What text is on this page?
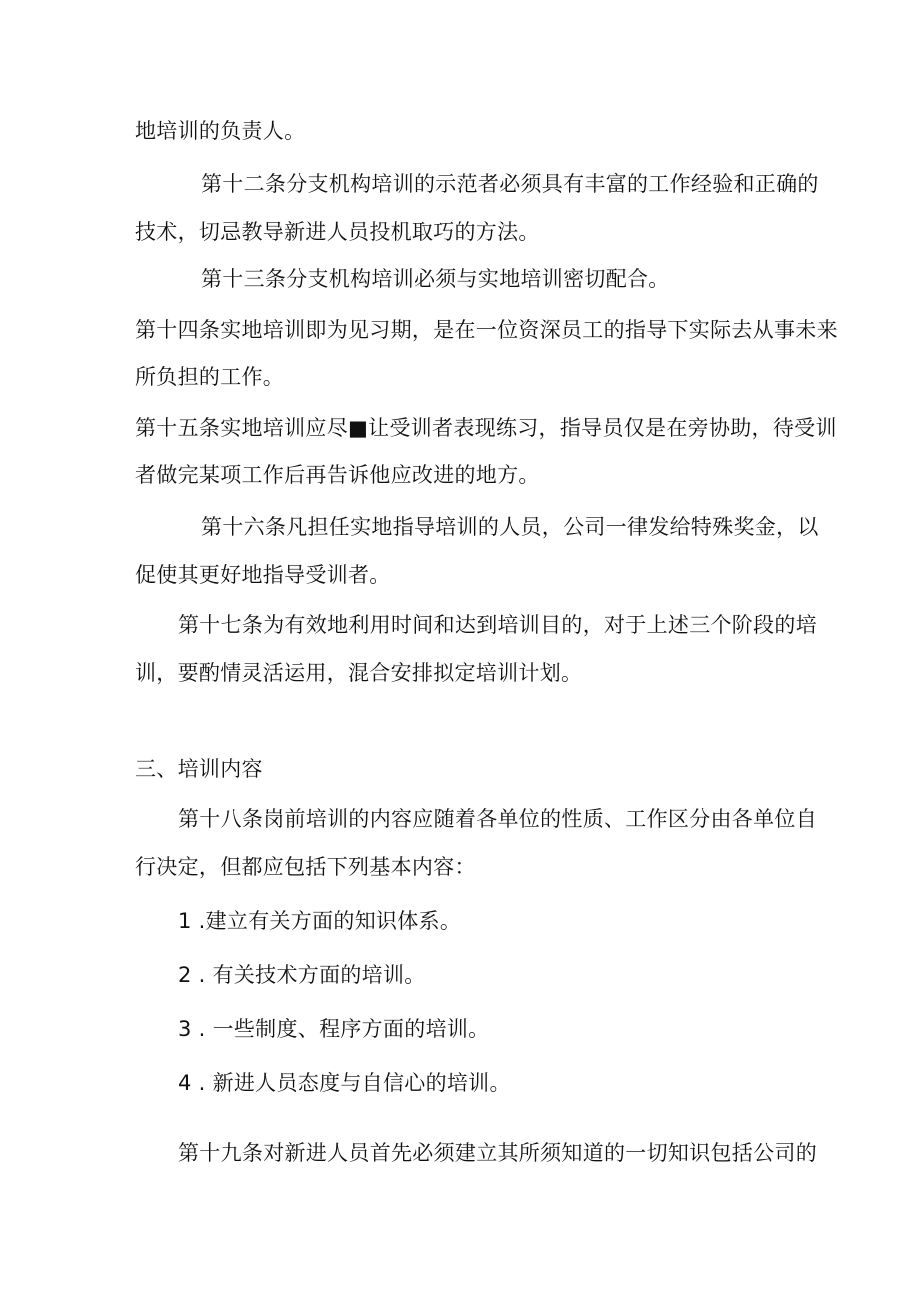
地培训的负责人。
第十二条分支机构培训的示范者必须具有丰富的工作经验和正确的
技术，切忌教导新进人员投机取巧的方法。
第十三条分支机构培训必须与实地培训密切配合。
第十四条实地培训即为见习期，是在一位资深员工的指导下实际去从事未来
所负担的工作。
第十五条实地培训应尽■让受训者表现练习，指导员仅是在旁协助，待受训
者做完某项工作后再告诉他应改进的地方。
第十六条凡担任实地指导培训的人员，公司一律发给特殊奖金，以
促使其更好地指导受训者。
第十七条为有效地利用时间和达到培训目的，对于上述三个阶段的培
训，要酌情灵活运用，混合安排拟定培训计划。
三、培训内容
第十八条岗前培训的内容应随着各单位的性质、工作区分由各单位自
行决定，但都应包括下列基本内容：
1 .建立有关方面的知识体系。
2 . 有关技术方面的培训。
3 . 一些制度、程序方面的培训。
4 . 新进人员态度与自信心的培训。
第十九条对新进人员首先必须建立其所须知道的一切知识包括公司的
